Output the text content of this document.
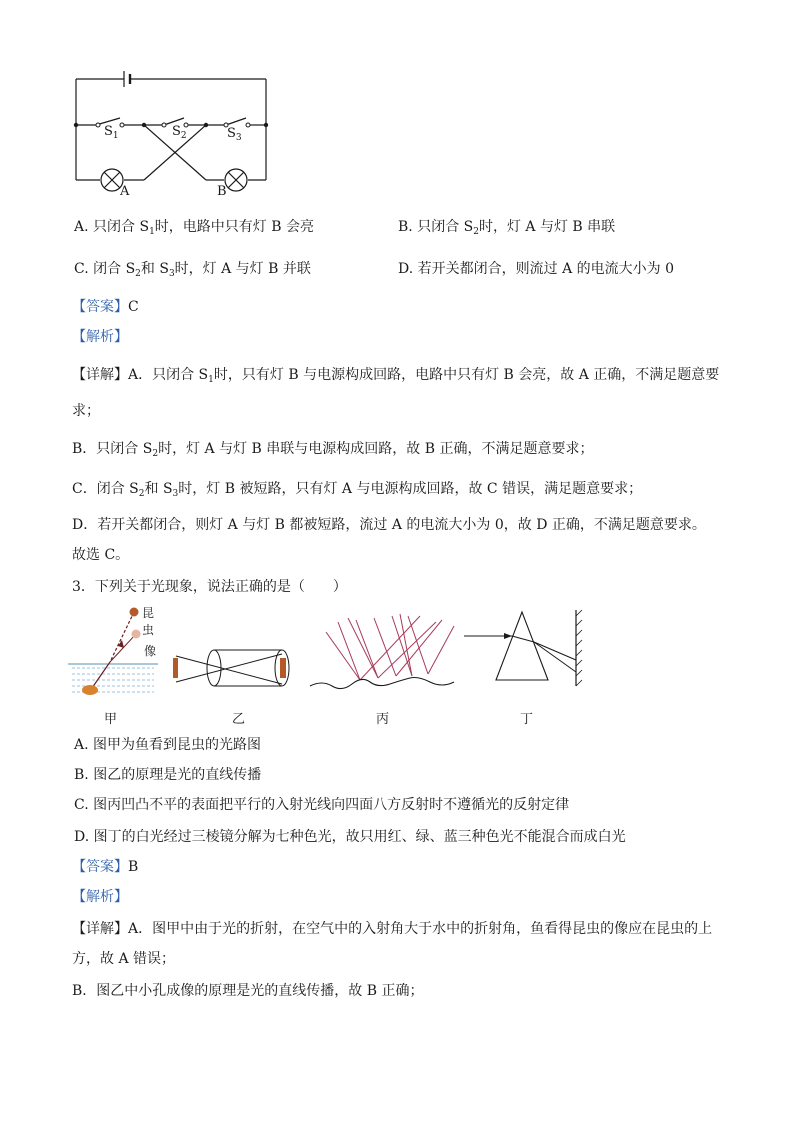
$S_1$	$S_2$	$S_3$
A	B
A. 只闭合 $S_1$时，电路中只有灯 B 会亮	B. 只闭合 $S_2$时，灯 A 与灯 B 串联
C. 闭合 $S_2$和 $S_3$时，灯 A 与灯 B 并联	D. 若开关都闭合，则流过 A 的电流大小为 0
【答案】C
【解析】
【详解】A．只闭合 $S_1$时，只有灯 B 与电源构成回路，电路中只有灯 B 会亮，故 A 正确，不满足题意要
求；
B．只闭合 $S_2$时，灯 A 与灯 B 串联与电源构成回路，故 B 正确，不满足题意要求；
C．闭合 $S_2$和 $S_3$时，灯 B 被短路，只有灯 A 与电源构成回路，故 C 错误，满足题意要求；
D．若开关都闭合，则灯 A 与灯 B 都被短路，流过 A 的电流大小为 0，故 D 正确，不满足题意要求。
故选 C。
3．下列关于光现象，说法正确的是（　　）
昆虫
像
甲	乙	丙	丁
A. 图甲为鱼看到昆虫的光路图
B. 图乙的原理是光的直线传播
C. 图丙凹凸不平的表面把平行的入射光线向四面八方反射时不遵循光的反射定律
D. 图丁的白光经过三棱镜分解为七种色光，故只用红、绿、蓝三种色光不能混合而成白光
【答案】B
【解析】
【详解】A．图甲中由于光的折射，在空气中的入射角大于水中的折射角，鱼看得昆虫的像应在昆虫的上
方，故 A 错误；
B．图乙中小孔成像的原理是光的直线传播，故 B 正确；
